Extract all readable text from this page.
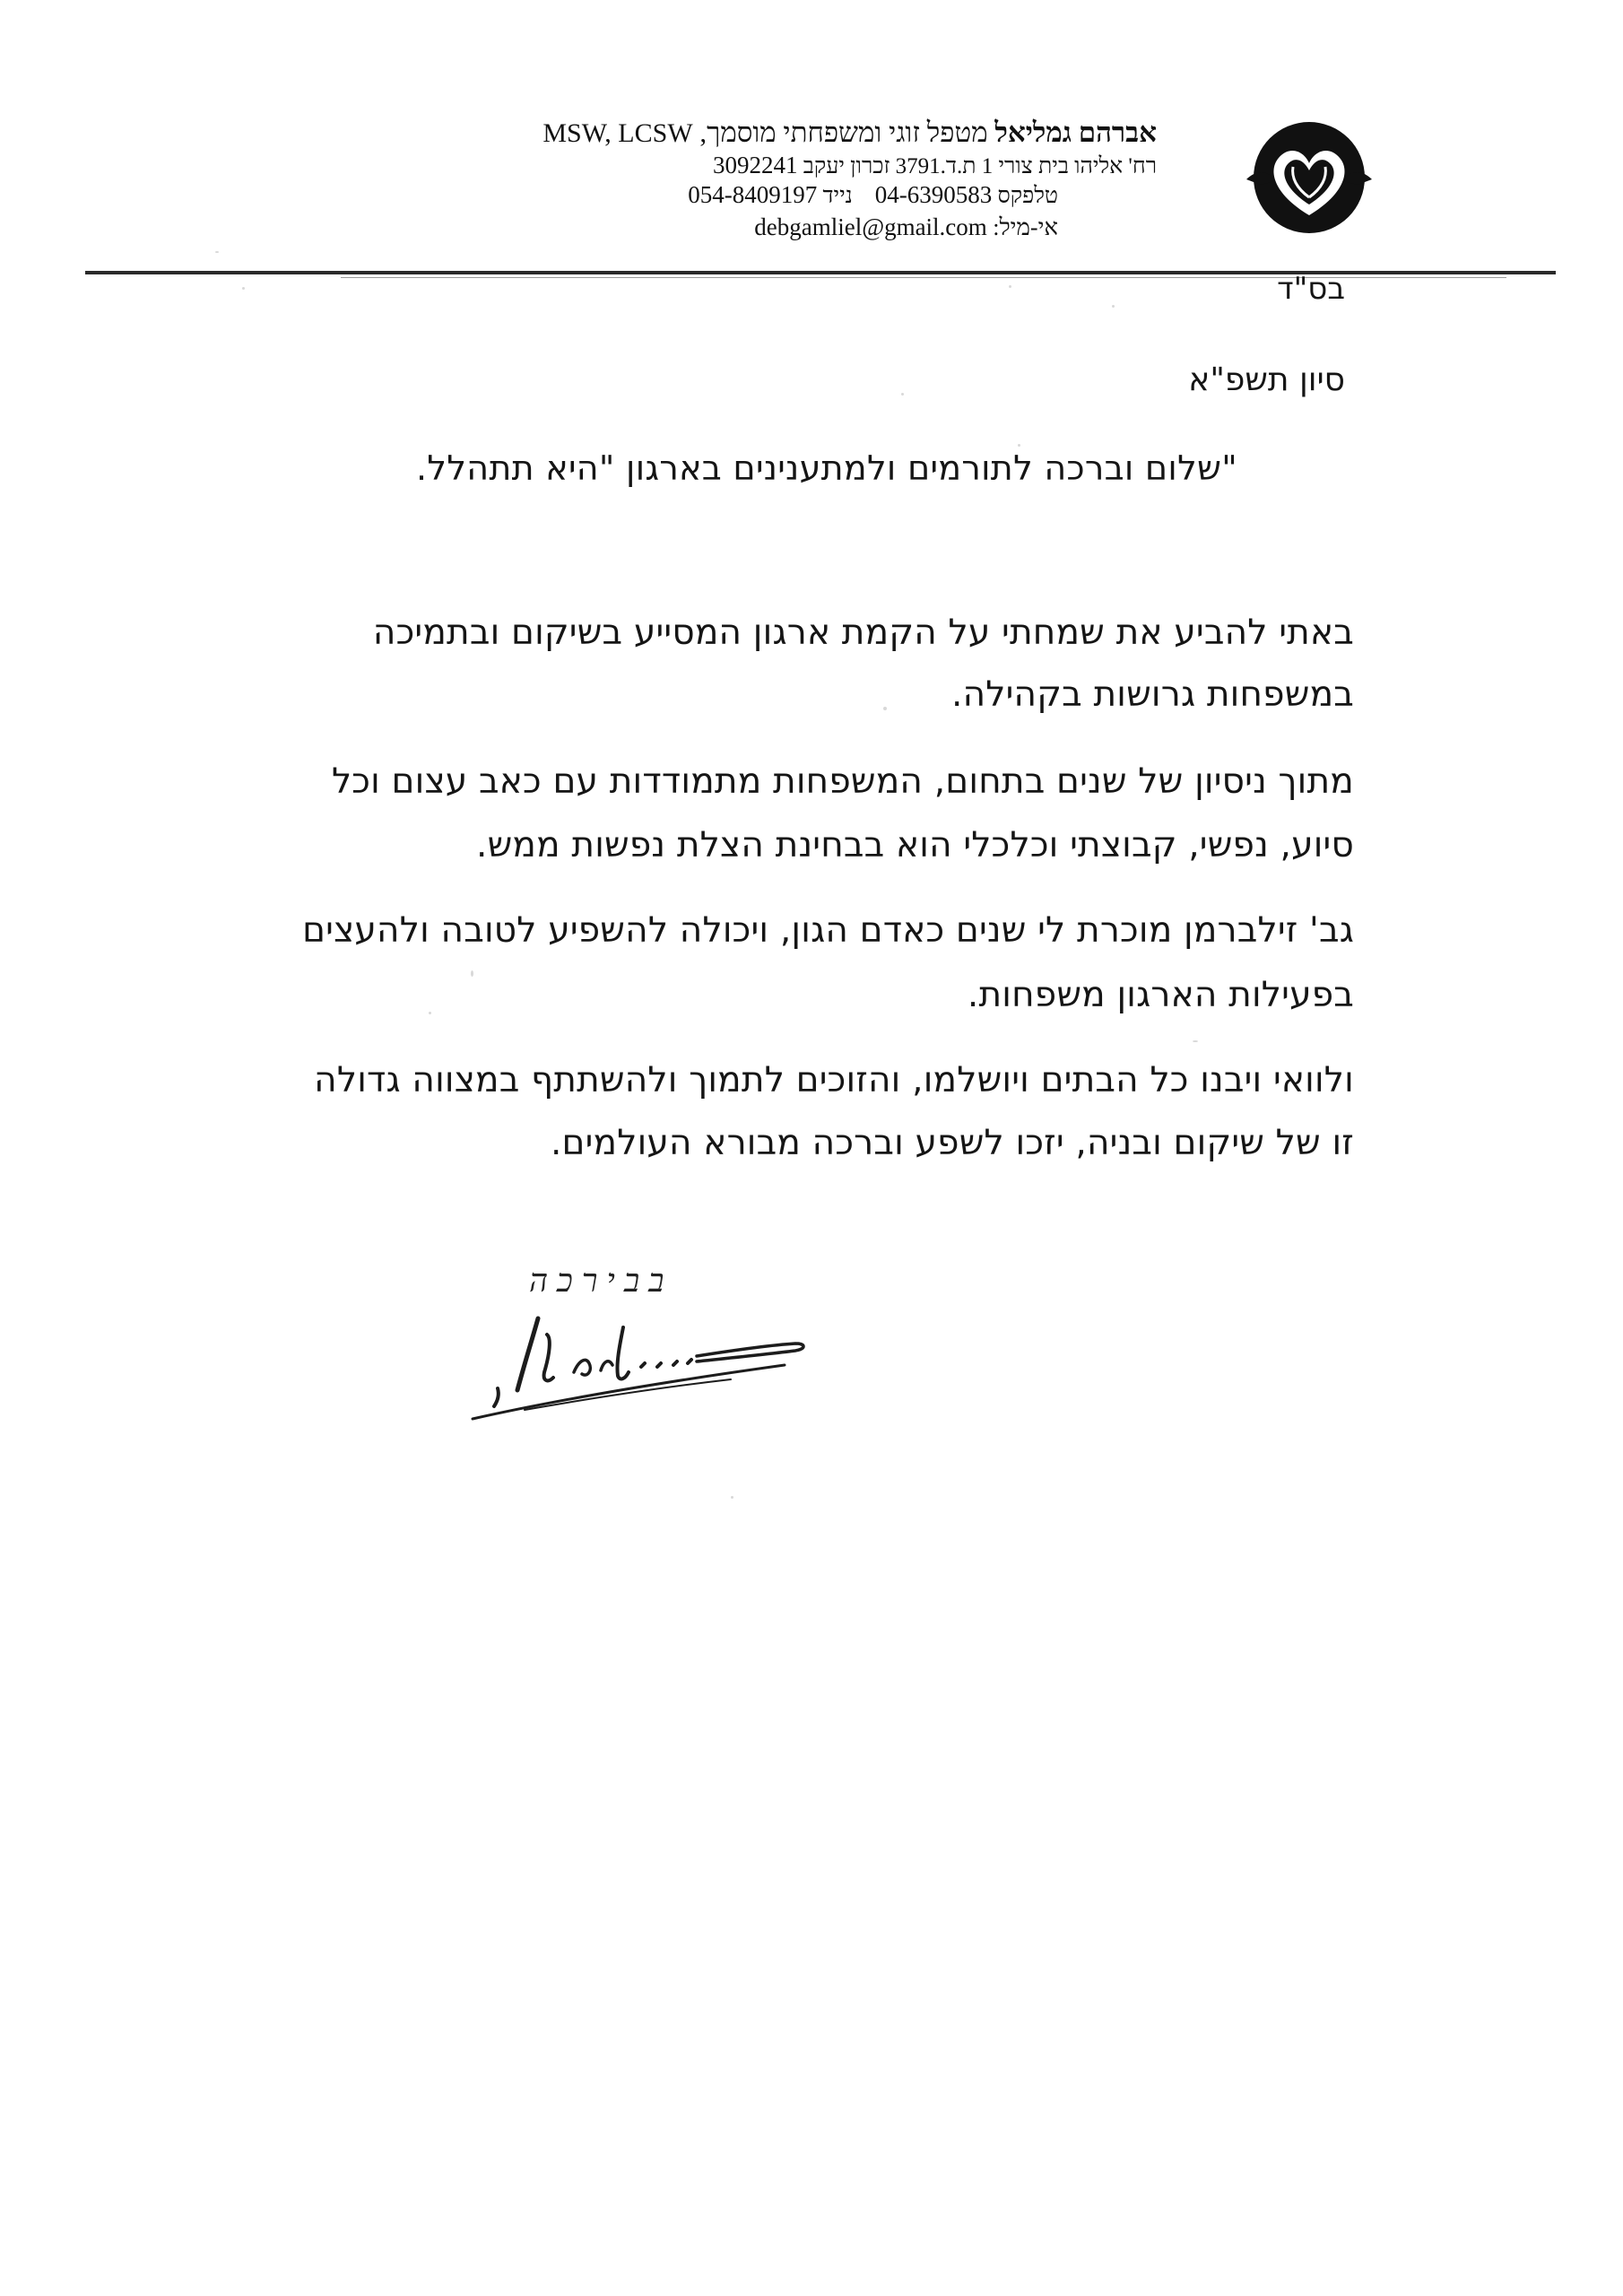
אברהם גמליאל מטפל זוגי ומשפחתי מוסמך, MSW, LCSW
רח' אליהו בית צורי 1 ת.ד.3791 זכרון יעקב 3092241
טלפקס 04-6390583    נייד 054-8409197
אי-מיל: debgamliel@gmail.com
בס"ד
סיון תשפ"א
"שלום וברכה לתורמים ולמתענינים בארגון "היא תתהלל.
באתי להביע את שמחתי על הקמת ארגון המסייע בשיקום ובתמיכה
במשפחות גרושות בקהילה.
מתוך ניסיון של שנים בתחום, המשפחות מתמודדות עם כאב עצום וכל
סיוע, נפשי, קבוצתי וכלכלי הוא בבחינת הצלת נפשות ממש.
גב' זילברמן מוכרת לי שנים כאדם הגון, ויכולה להשפיע לטובה ולהעצים
בפעילות הארגון משפחות.
ולוואי ויבנו כל הבתים ויושלמו, והזוכים לתמוך ולהשתתף במצווה גדולה
זו של שיקום ובניה, יזכו לשפע וברכה מבורא העולמים.
בבירכה
